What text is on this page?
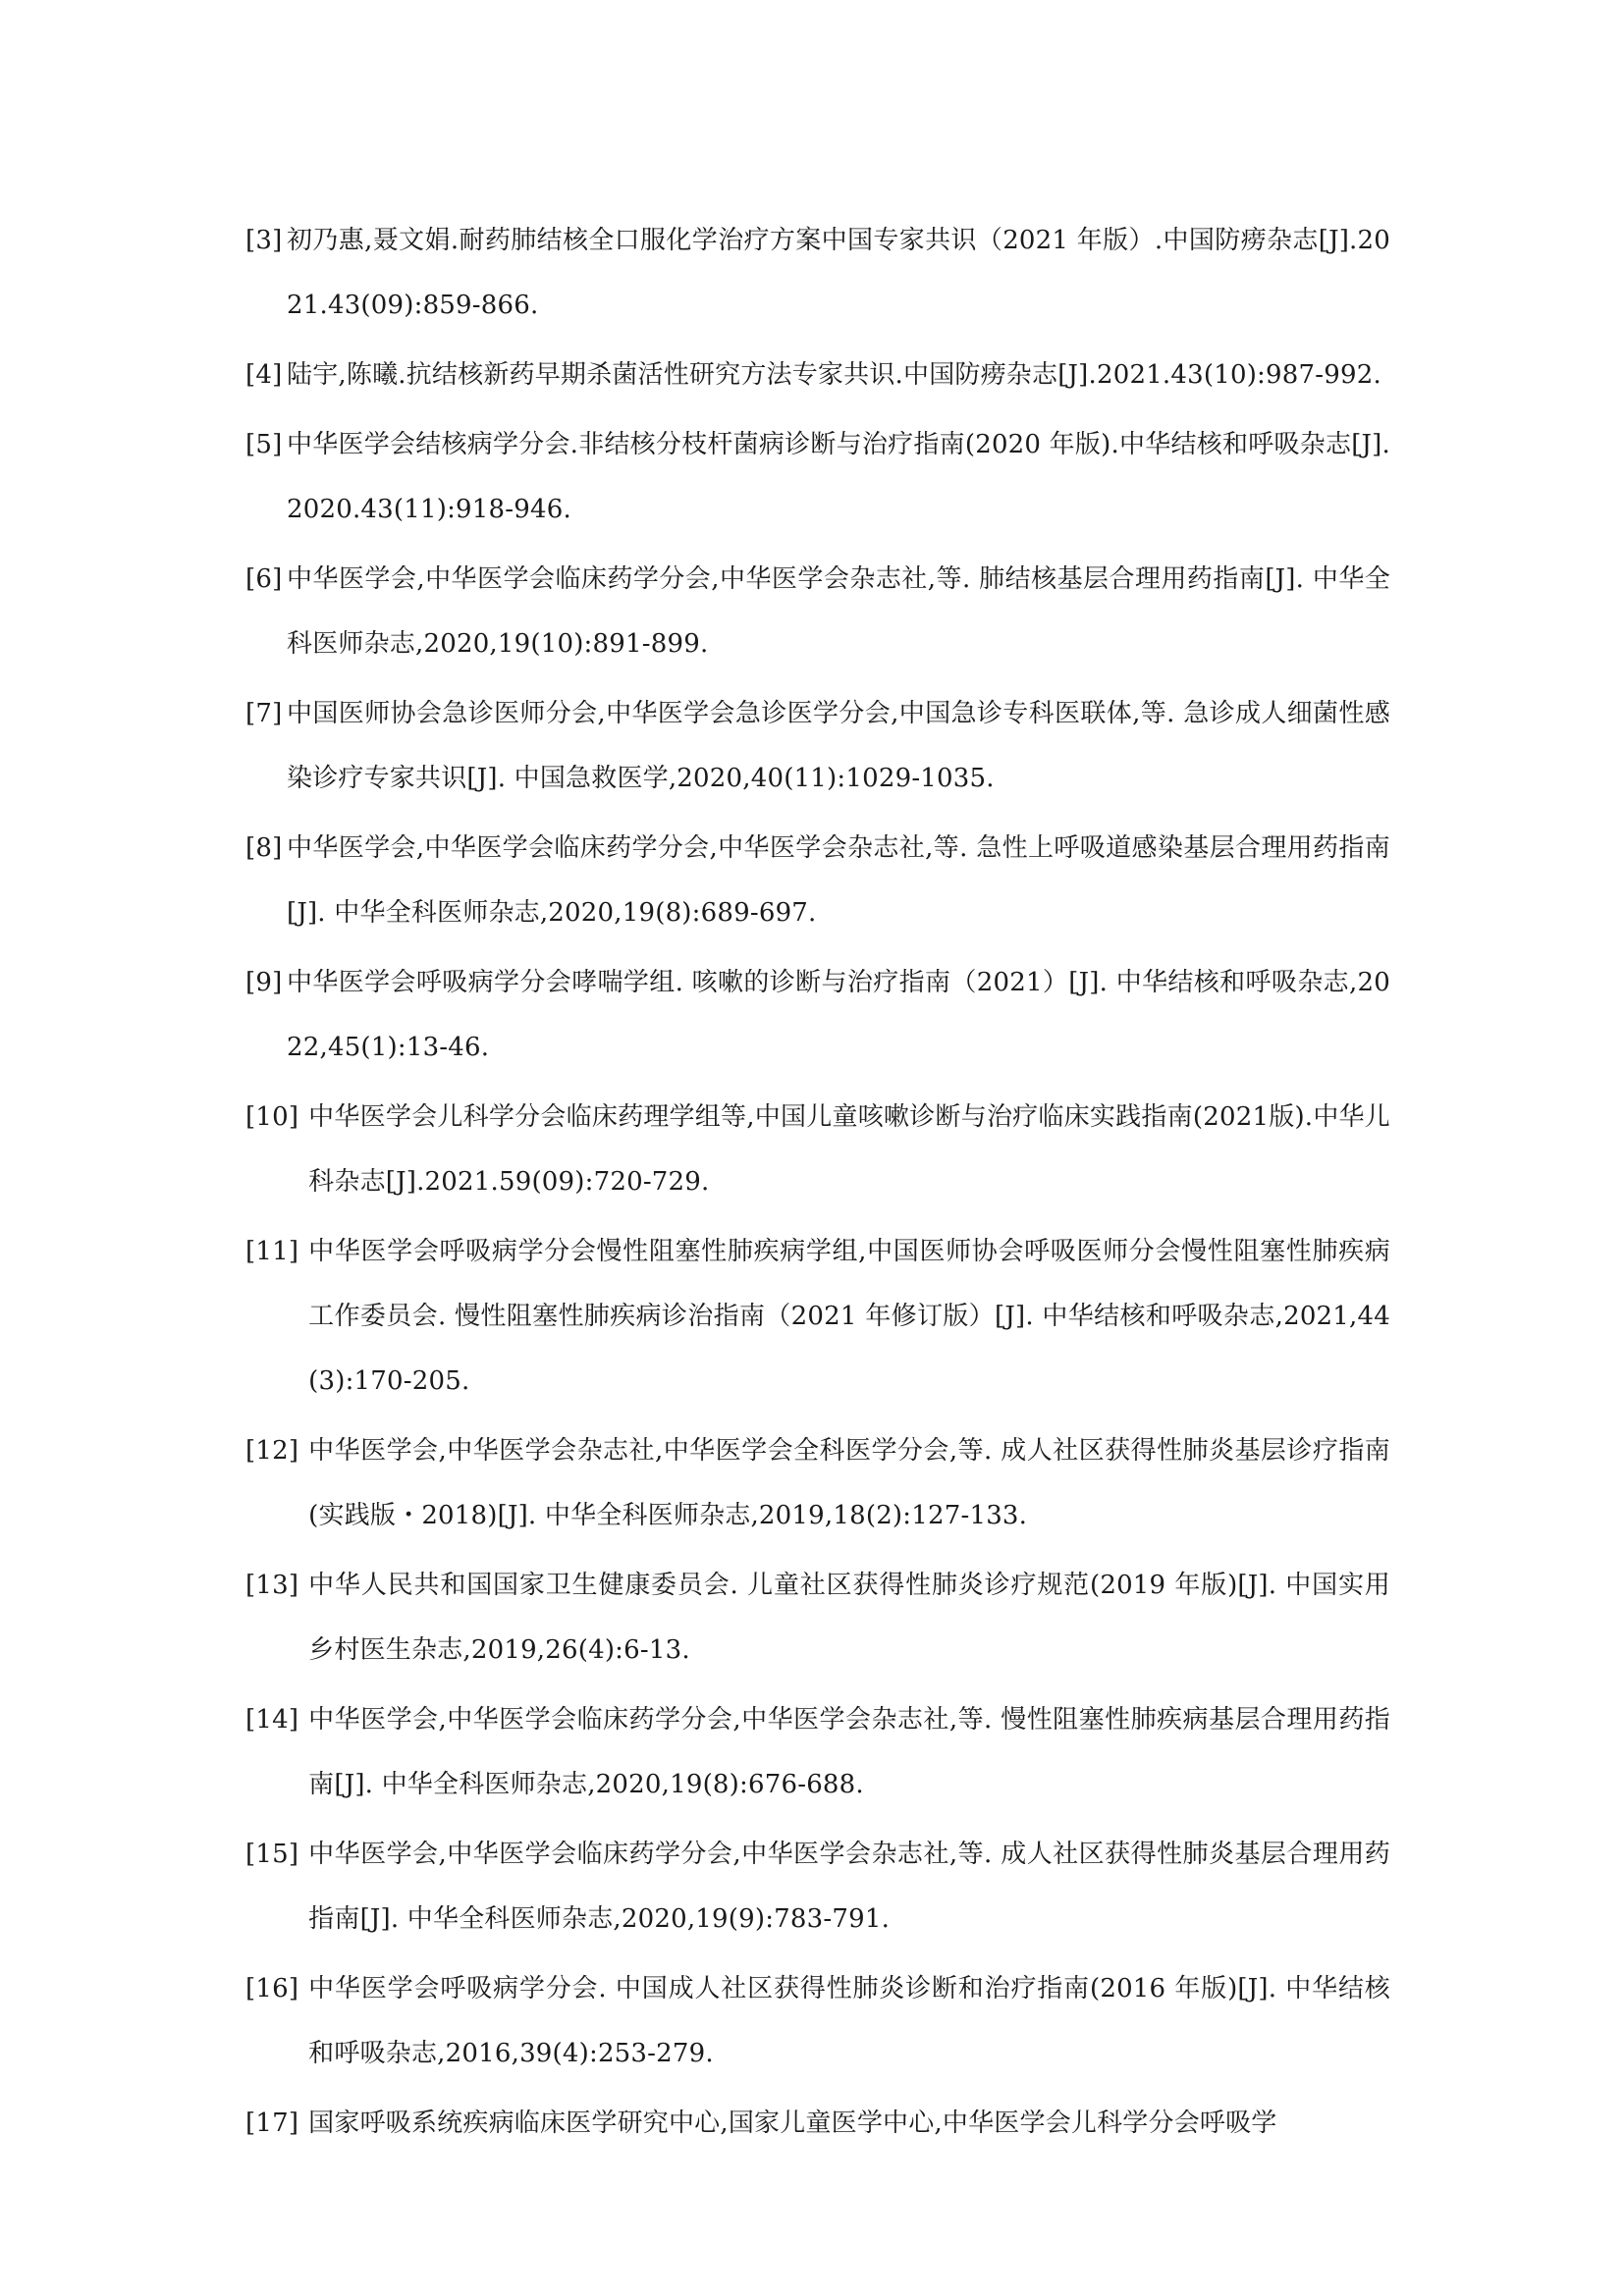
[3] 初乃惠,聂文娟.耐药肺结核全口服化学治疗方案中国专家共识（2021 年版）.中国防痨杂志[J].2021.43(09):859-866.
[4] 陆宇,陈曦.抗结核新药早期杀菌活性研究方法专家共识.中国防痨杂志[J].2021.43(10):987-992.
[5] 中华医学会结核病学分会.非结核分枝杆菌病诊断与治疗指南(2020 年版).中华结核和呼吸杂志[J].2020.43(11):918-946.
[6] 中华医学会,中华医学会临床药学分会,中华医学会杂志社,等. 肺结核基层合理用药指南[J]. 中华全科医师杂志,2020,19(10):891-899.
[7] 中国医师协会急诊医师分会,中华医学会急诊医学分会,中国急诊专科医联体,等. 急诊成人细菌性感染诊疗专家共识[J]. 中国急救医学,2020,40(11):1029-1035.
[8] 中华医学会,中华医学会临床药学分会,中华医学会杂志社,等. 急性上呼吸道感染基层合理用药指南[J]. 中华全科医师杂志,2020,19(8):689-697.
[9] 中华医学会呼吸病学分会哮喘学组. 咳嗽的诊断与治疗指南（2021）[J]. 中华结核和呼吸杂志,2022,45(1):13-46.
[10] 中华医学会儿科学分会临床药理学组等,中国儿童咳嗽诊断与治疗临床实践指南(2021版).中华儿科杂志[J].2021.59(09):720-729.
[11] 中华医学会呼吸病学分会慢性阻塞性肺疾病学组,中国医师协会呼吸医师分会慢性阻塞性肺疾病工作委员会. 慢性阻塞性肺疾病诊治指南（2021 年修订版）[J]. 中华结核和呼吸杂志,2021,44(3):170-205.
[12] 中华医学会,中华医学会杂志社,中华医学会全科医学分会,等. 成人社区获得性肺炎基层诊疗指南(实践版・2018)[J]. 中华全科医师杂志,2019,18(2):127-133.
[13] 中华人民共和国国家卫生健康委员会. 儿童社区获得性肺炎诊疗规范(2019 年版)[J]. 中国实用乡村医生杂志,2019,26(4):6-13.
[14] 中华医学会,中华医学会临床药学分会,中华医学会杂志社,等. 慢性阻塞性肺疾病基层合理用药指南[J]. 中华全科医师杂志,2020,19(8):676-688.
[15] 中华医学会,中华医学会临床药学分会,中华医学会杂志社,等. 成人社区获得性肺炎基层合理用药指南[J]. 中华全科医师杂志,2020,19(9):783-791.
[16] 中华医学会呼吸病学分会. 中国成人社区获得性肺炎诊断和治疗指南(2016 年版)[J]. 中华结核和呼吸杂志,2016,39(4):253-279.
[17] 国家呼吸系统疾病临床医学研究中心,国家儿童医学中心,中华医学会儿科学分会呼吸学
